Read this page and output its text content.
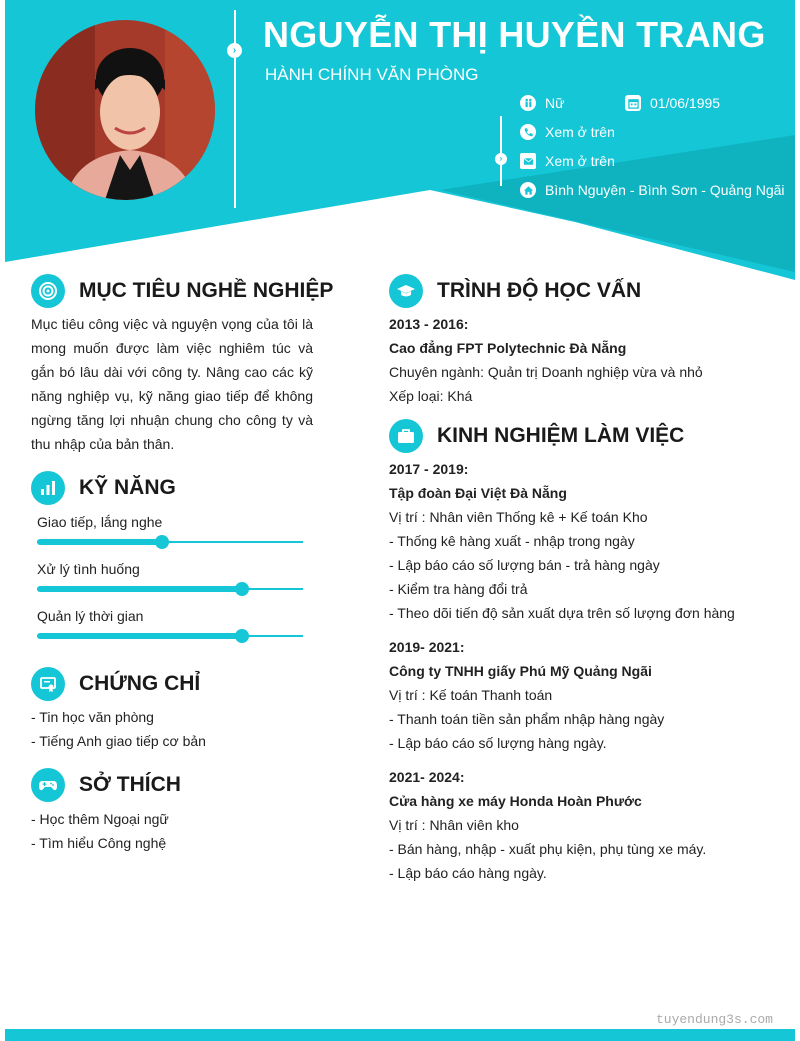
› NGUYỄN THỊ HUYỀN TRANG
HÀNH CHÍNH VĂN PHÒNG
›
Nữ	01/06/1995
Xem ở trên
Xem ở trên
Bình Nguyên - Bình Sơn - Quảng Ngãi
MỤC TIÊU NGHỀ NGHIỆP
Mục tiêu công việc và nguyện vọng của tôi là mong muốn được làm việc nghiêm túc và gắn bó lâu dài với công ty. Nâng cao các kỹ năng nghiệp vụ, kỹ năng giao tiếp để không ngừng tăng lợi nhuận chung cho công ty và thu nhập của bản thân.
KỸ NĂNG
Giao tiếp, lắng nghe
Xử lý tình huống
Quản lý thời gian
CHỨNG CHỈ
- Tin học văn phòng
- Tiếng Anh giao tiếp cơ bản
SỞ THÍCH
- Học thêm Ngoại ngữ
- Tìm hiểu Công nghệ
TRÌNH ĐỘ HỌC VẤN
2013 - 2016:
Cao đẳng FPT Polytechnic Đà Nẵng
Chuyên ngành: Quản trị Doanh nghiệp vừa và nhỏ
Xếp loại: Khá
KINH NGHIỆM LÀM VIỆC
2017 - 2019:
Tập đoàn Đại Việt Đà Nẵng
Vị trí : Nhân viên Thống kê + Kế toán Kho
- Thống kê hàng xuất - nhập trong ngày
- Lập báo cáo số lượng bán - trả hàng ngày
- Kiểm tra hàng đổi trả
- Theo dõi tiến độ sản xuất dựa trên số lượng đơn hàng
2019- 2021:
Công ty TNHH giấy Phú Mỹ Quảng Ngãi
Vị trí : Kế toán Thanh toán
- Thanh toán tiền sản phẩm nhập hàng ngày
- Lập báo cáo số lượng hàng ngày.
2021- 2024:
Cửa hàng xe máy Honda Hoàn Phước
Vị trí : Nhân viên kho
- Bán hàng, nhập - xuất phụ kiện, phụ tùng xe máy.
- Lập báo cáo hàng ngày.
tuyendung3s.com
